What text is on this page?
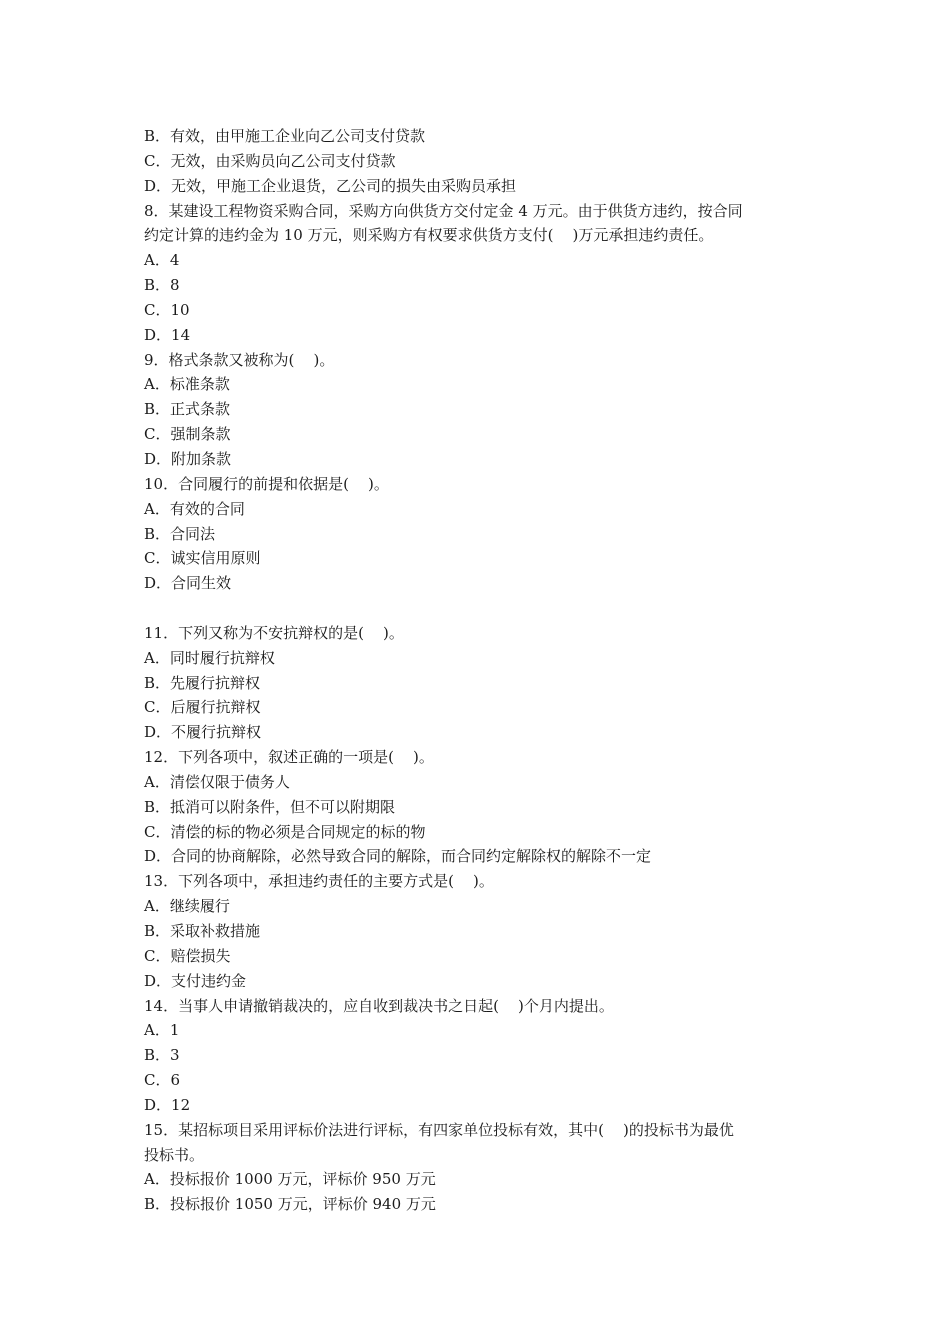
B．有效，由甲施工企业向乙公司支付贷款
C．无效，由采购员向乙公司支付贷款
D．无效，甲施工企业退货，乙公司的损失由采购员承担
8．某建设工程物资采购合同，采购方向供货方交付定金 4 万元。由于供货方违约，按合同
约定计算的违约金为 10 万元，则采购方有权要求供货方支付(    )万元承担违约责任。
A．4
B．8
C．10
D．14
9．格式条款又被称为(    )。
A．标准条款
B．正式条款
C．强制条款
D．附加条款
10．合同履行的前提和依据是(    )。
A．有效的合同
B．合同法
C．诚实信用原则
D．合同生效
11．下列又称为不安抗辩权的是(    )。
A．同时履行抗辩权
B．先履行抗辩权
C．后履行抗辩权
D．不履行抗辩权
12．下列各项中，叙述正确的一项是(    )。
A．清偿仅限于债务人
B．抵消可以附条件，但不可以附期限
C．清偿的标的物必须是合同规定的标的物
D．合同的协商解除，必然导致合同的解除，而合同约定解除权的解除不一定
13．下列各项中，承担违约责任的主要方式是(    )。
A．继续履行
B．采取补救措施
C．赔偿损失
D．支付违约金
14．当事人申请撤销裁决的，应自收到裁决书之日起(    )个月内提出。
A．1
B．3
C．6
D．12
15．某招标项目采用评标价法进行评标，有四家单位投标有效，其中(    )的投标书为最优
投标书。
A．投标报价 1000 万元，评标价 950 万元
B．投标报价 1050 万元，评标价 940 万元
